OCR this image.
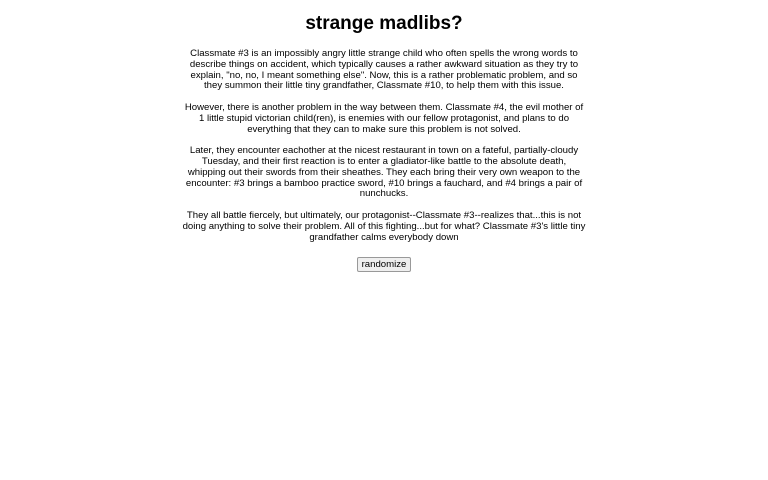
strange madlibs?

Classmate #3 is an impossibly angry little strange child who often spells the wrong words to describe things on accident, which typically causes a rather awkward situation as they try to explain, "no, no, I meant something else". Now, this is a rather problematic problem, and so they summon their little tiny grandfather, Classmate #10, to help them with this issue.

However, there is another problem in the way between them. Classmate #4, the evil mother of 1 little stupid victorian child(ren), is enemies with our fellow protagonist, and plans to do everything that they can to make sure this problem is not solved.

Later, they encounter eachother at the nicest restaurant in town on a fateful, partially-cloudy Tuesday, and their first reaction is to enter a gladiator-like battle to the absolute death, whipping out their swords from their sheathes. They each bring their very own weapon to the encounter: #3 brings a bamboo practice sword, #10 brings a fauchard, and #4 brings a pair of nunchucks.

They all battle fiercely, but ultimately, our protagonist--Classmate #3--realizes that...this is not doing anything to solve their problem. All of this fighting...but for what? Classmate #3's little tiny grandfather calms everybody down

randomize
